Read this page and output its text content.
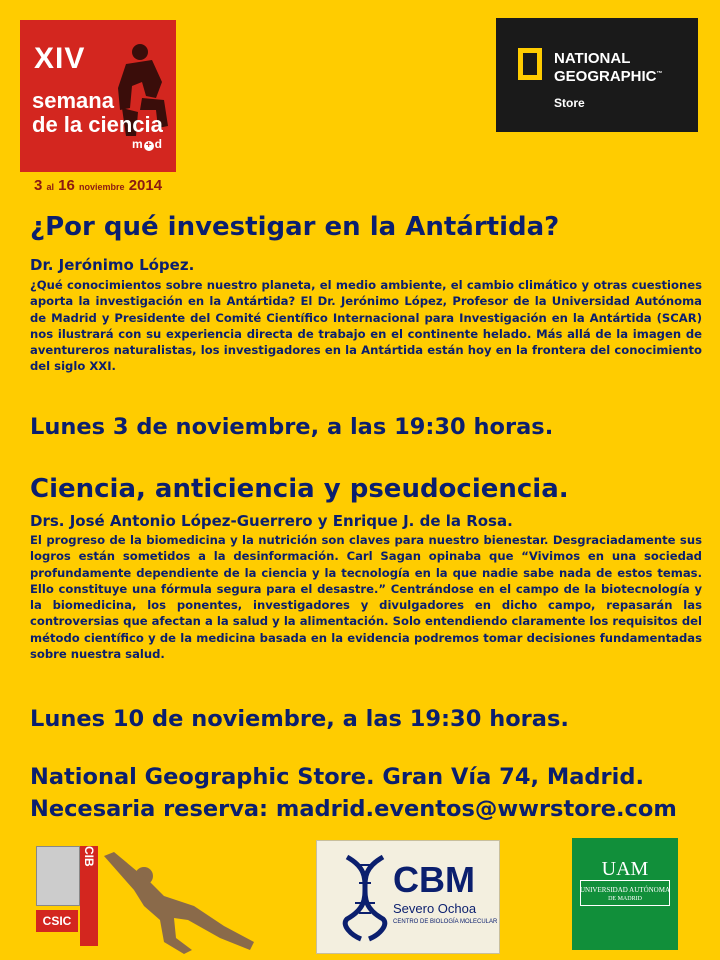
XIV
semana
de la ciencia
m + d
3 al 16 noviembre 2014
NATIONAL
GEOGRAPHIC™
Store
¿Por qué investigar en la Antártida?

Dr. Jerónimo López.

¿Qué conocimientos sobre nuestro planeta, el medio ambiente, el cambio climático y otras cuestiones aporta la investigación en la Antártida? El Dr. Jerónimo López, Profesor de la Universidad Autónoma de Madrid y Presidente del Comité Científico Internacional para Investigación en la Antártida (SCAR) nos ilustrará con su experiencia directa de trabajo en el continente helado. Más allá de la imagen de aventureros naturalistas, los investigadores en la Antártida están hoy en la frontera del conocimiento del siglo XXI.

Lunes 3 de noviembre, a las 19:30 horas.

Ciencia, anticiencia y pseudociencia.

Drs. José Antonio López-Guerrero y Enrique J. de la Rosa.

El progreso de la biomedicina y la nutrición son claves para nuestro bienestar. Desgraciadamente sus logros están sometidos a la desinformación. Carl Sagan opinaba que “Vivimos en una sociedad profundamente dependiente de la ciencia y la tecnología en la que nadie sabe nada de estos temas. Ello constituye una fórmula segura para el desastre.” Centrándose en el campo de la biotecnología y la biomedicina, los ponentes, investigadores y divulgadores en dicho campo, repasarán las controversias que afectan a la salud y la alimentación. Solo entendiendo claramente los requisitos del método científico y de la medicina basada en la evidencia podremos tomar decisiones fundamentadas sobre nuestra salud.

Lunes 10 de noviembre, a las 19:30 horas.

National Geographic Store. Gran Vía 74, Madrid.
Necesaria reserva: madrid.eventos@wwrstore.com
CSIC
CIB
CBM
Severo Ochoa
CENTRO DE BIOLOGÍA MOLECULAR
UAM
UNIVERSIDAD AUTÓNOMA
DE MADRID
